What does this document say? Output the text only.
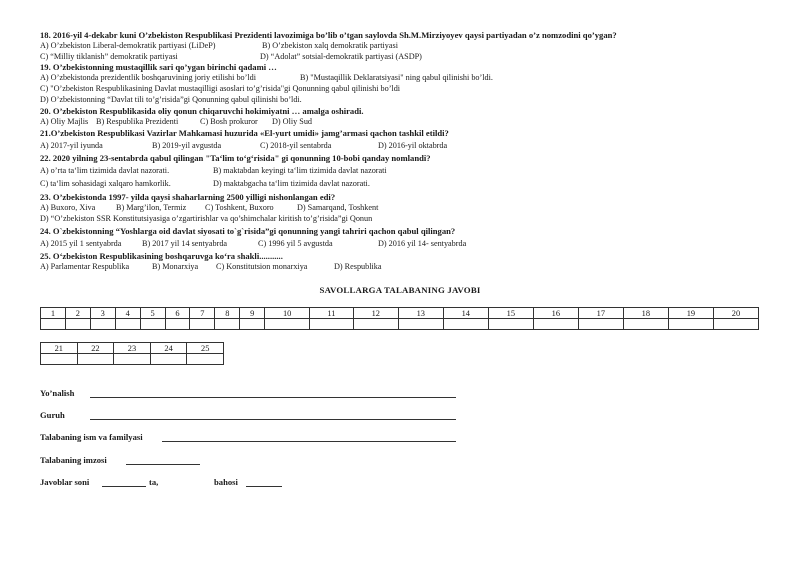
18. 2016-yil 4-dekabr kuni O’zbekiston Respublikasi Prezidenti lavozimiga bo’lib o’tgan saylovda Sh.M.Mirziyoyev qaysi partiyadan o’z nomzodini qo’ygan?
A) O’zbekiston Liberal-demokratik partiyasi (LiDeP)	B) O’zbekiston xalq demokratik partiyasi
C) “Milliy tiklanish” demokratik partiyasi	D) “Adolat” sotsial-demokratik partiyasi (ASDP)
19. O’zbekistonning mustaqillik sari qo’ygan birinchi qadami …
A) O’zbekistonda prezidentlik boshqaruvining joriy etilishi bo’ldi	B) "Mustaqillik Deklaratsiyasi" ning qabul qilinishi bo’ldi.
C) "O’zbekiston Respublikasining Davlat mustaqilligi asoslari to’g’risida"gi Qonunning qabul qilinishi bo’ldi
D) O’zbekistonning “Davlat tili to’g’risida”gi Qonunning qabul qilinishi bo’ldi.
20. O’zbekiston Respublikasida oliy qonun chiqaruvchi hokimiyatni … amalga oshiradi.
A) Oliy Majlis B) Respublika Prezidenti	C) Bosh prokuror D) Oliy Sud
21.O’zbekiston Respublikasi Vazirlar Mahkamasi huzurida «El-yurt umidi» jamg’armasi qachon tashkil etildi?
A) 2017-yil iyunda	B) 2019-yil avgustda	C) 2018-yil sentabrda	D) 2016-yil oktabrda
22. 2020 yilning 23-sentabrda qabul qilingan "Ta‘lim to‘g‘risida" gi qonunning 10-bobi qanday nomlandi?
A) o’rta ta‘lim tizimida davlat nazorati.	B) maktabdan keyingi ta‘lim tizimida davlat nazorati
C) ta‘lim sohasidagi xalqaro hamkorlik.	D) maktabgacha ta‘lim tizimida davlat nazorati.
23. O’zbekistonda 1997- yilda qaysi shaharlarning 2500 yilligi nishonlangan edi?
A) Buxoro, Xiva	B) Marg’ilon, Termiz C) Toshkent, Buxoro	D) Samarqand, Toshkent
D) “O’zbekiston SSR Konstitutsiyasiga o’zgartirishlar va qo’shimchalar kiritish to’g’risida”gi Qonun
24. O`zbekistonning “Yoshlarga oid davlat siyosati to`g`risida”gi qonunning yangi tahriri qachon qabul qilingan?
A) 2015 yil 1 sentyabrda	B) 2017 yil 14 sentyabrda	C) 1996 yil 5 avgustda	D) 2016 yil 14- sentyabrda
25. O‘zbekiston Respublikasining boshqaruvga ko‘ra shakli...........
A) Parlamentar Respublika	B) Monarxiya C) Konstitutsion monarxiya	D) Respublika
SAVOLLARGA TALABANING JAVOBI
1	2	3	4	5	6	7	8	9	10	11	12	13	14	15	16	17	18	19	20

21	22	23	24	25

Yo’nalish
Guruh
Talabaning ism va familyasi
Talabaning imzosi
Javoblar soni	ta,	bahosi
